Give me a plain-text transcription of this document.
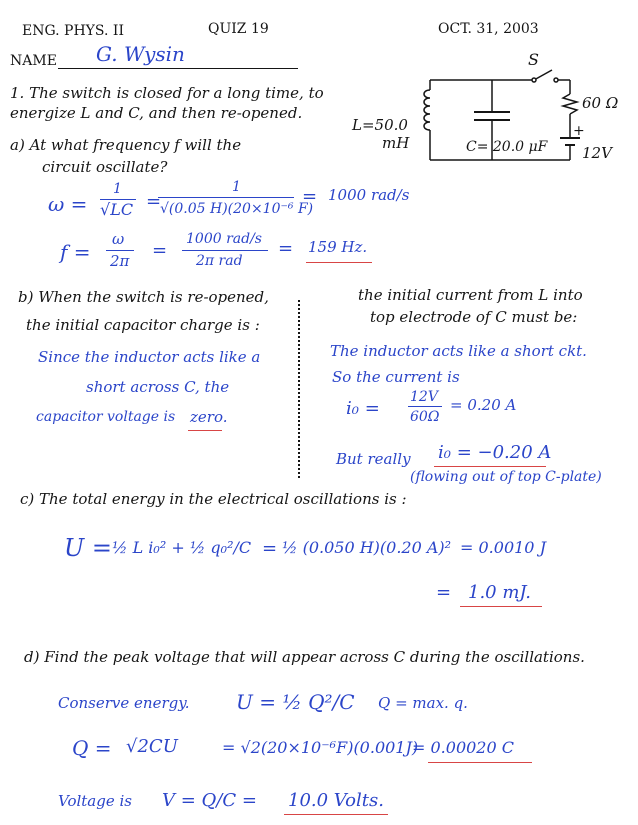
ENG. PHYS. II	QUIZ 19	OCT. 31, 2003
NAME G. Wysin
1. The switch is closed for a long time, to
energize L and C, and then re-opened.
S
L=50.0
mH
60 Ω
+
12V
C= 20.0 μF
a) At what frequency f will the
circuit oscillate?
ω =
1
√LC =
1
√(0.05 H)(20×10⁻⁶ F)
= 1000 rad/s
f =
ω
2π =
1000 rad/s
2π rad
= 159 Hz.
b) When the switch is re-opened,
the initial capacitor charge is :
Since the inductor acts like a
short across C, the
capacitor voltage is zero.
the initial current from L into
top electrode of C must be:
The inductor acts like a short ckt.
So the current is
i₀ =
12V
60Ω
= 0.20 A
But really i₀ = −0.20 A
(flowing out of top C-plate)
c) The total energy in the electrical oscillations is :
U = ½ L i₀² + ½ q₀²/C = ½ (0.050 H)(0.20 A)² = 0.0010 J
= 1.0 mJ.
d) Find the peak voltage that will appear across C during the oscillations.
Conserve energy. U = ½ Q²/C Q = max. q.
Q = √2CU	= √2(20×10⁻⁶F)(0.001J)
= 0.00020 C
Voltage is V = Q/C = 10.0 Volts.
